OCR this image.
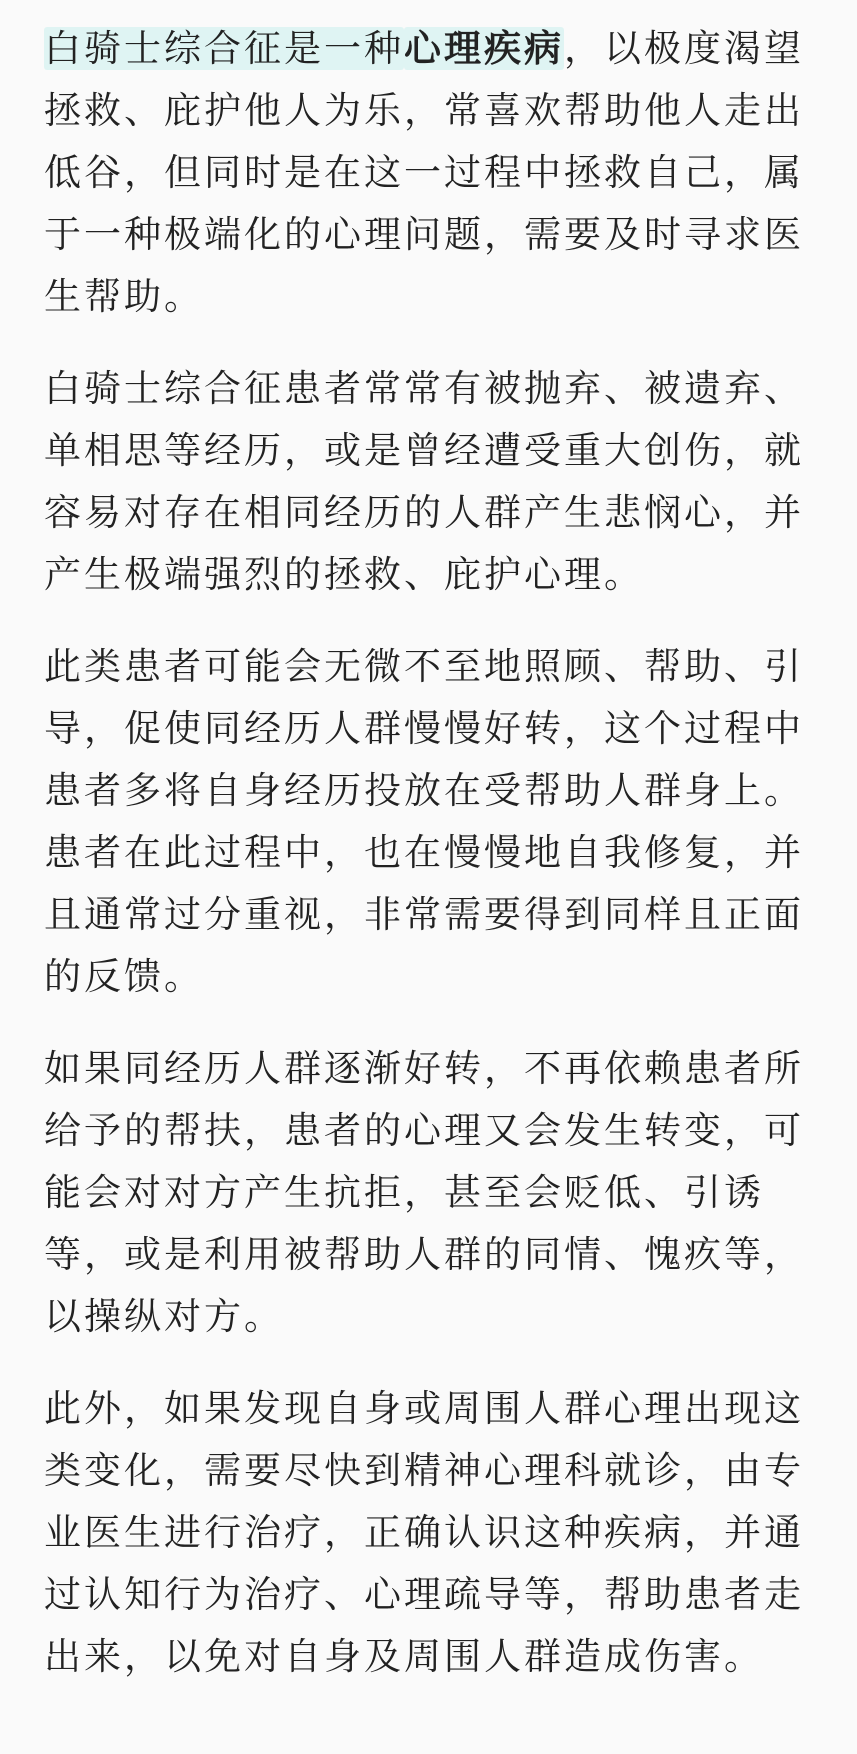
白骑士综合征是一种心理疾病，以极度渴望
拯救、庇护他人为乐，常喜欢帮助他人走出
低谷，但同时是在这一过程中拯救自己，属
于一种极端化的心理问题，需要及时寻求医
生帮助。

白骑士综合征患者常常有被抛弃、被遗弃、
单相思等经历，或是曾经遭受重大创伤，就
容易对存在相同经历的人群产生悲悯心，并
产生极端强烈的拯救、庇护心理。

此类患者可能会无微不至地照顾、帮助、引
导，促使同经历人群慢慢好转，这个过程中
患者多将自身经历投放在受帮助人群身上。
患者在此过程中，也在慢慢地自我修复，并
且通常过分重视，非常需要得到同样且正面
的反馈。

如果同经历人群逐渐好转，不再依赖患者所
给予的帮扶，患者的心理又会发生转变，可
能会对对方产生抗拒，甚至会贬低、引诱
等，或是利用被帮助人群的同情、愧疚等，
以操纵对方。

此外，如果发现自身或周围人群心理出现这
类变化，需要尽快到精神心理科就诊，由专
业医生进行治疗，正确认识这种疾病，并通
过认知行为治疗、心理疏导等，帮助患者走
出来，以免对自身及周围人群造成伤害。
